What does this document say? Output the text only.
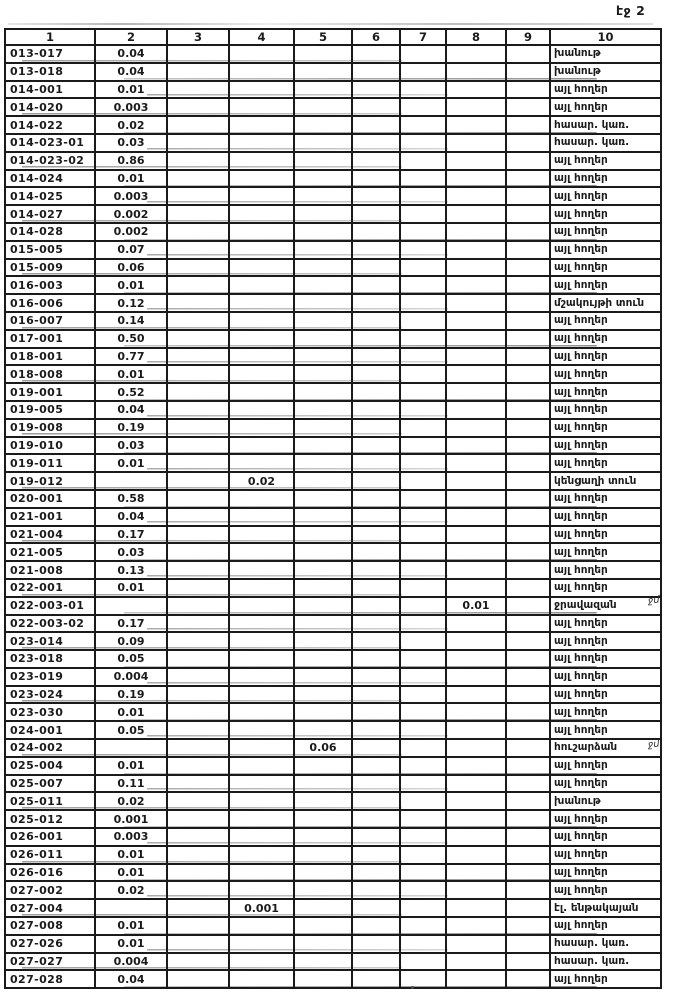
էջ 2
1	2	3	4	5	6	7	8	9	10
013-017	0.04								խանութ
013-018	0.04								խանութ
014-001	0.01								այլ հողեր
014-020	0.003								այլ հողեր
014-022	0.02								հասար. կառ.
014-023-01	0.03								հասար. կառ.
014-023-02	0.86								այլ հողեր
014-024	0.01								այլ հողեր
014-025	0.003								այլ հողեր
014-027	0.002								այլ հողեր
014-028	0.002								այլ հողեր
015-005	0.07								այլ հողեր
015-009	0.06								այլ հողեր
016-003	0.01								այլ հողեր
016-006	0.12								մշակույթի տուն
016-007	0.14								այլ հողեր
017-001	0.50								այլ հողեր
018-001	0.77								այլ հողեր
018-008	0.01								այլ հողեր
019-001	0.52								այլ հողեր
019-005	0.04								այլ հողեր
019-008	0.19								այլ հողեր
019-010	0.03								այլ հողեր
019-011	0.01								այլ հողեր
019-012			0.02						կենցաղի տուն
020-001	0.58								այլ հողեր
021-001	0.04								այլ հողեր
021-004	0.17								այլ հողեր
021-005	0.03								այլ հողեր
021-008	0.13								այլ հողեր
022-001	0.01								այլ հողեր
022-003-01							0.01		ջրավազան
022-003-02	0.17								այլ հողեր
023-014	0.09								այլ հողեր
023-018	0.05								այլ հողեր
023-019	0.004								այլ հողեր
023-024	0.19								այլ հողեր
023-030	0.01								այլ հողեր
024-001	0.05								այլ հողեր
024-002				0.06					հուշարձան
025-004	0.01								այլ հողեր
025-007	0.11								այլ հողեր
025-011	0.02								խանութ
025-012	0.001								այլ հողեր
026-001	0.003								այլ հողեր
026-011	0.01								այլ հողեր
026-016	0.01								այլ հողեր
027-002	0.02								այլ հողեր
027-004			0.001						էլ. ենթակայան
027-008	0.01								այլ հողեր
027-026	0.01								հասար. կառ.
027-027	0.004								հասար. կառ.
027-028	0.04								այլ հողեր
ջմ
ջմ
